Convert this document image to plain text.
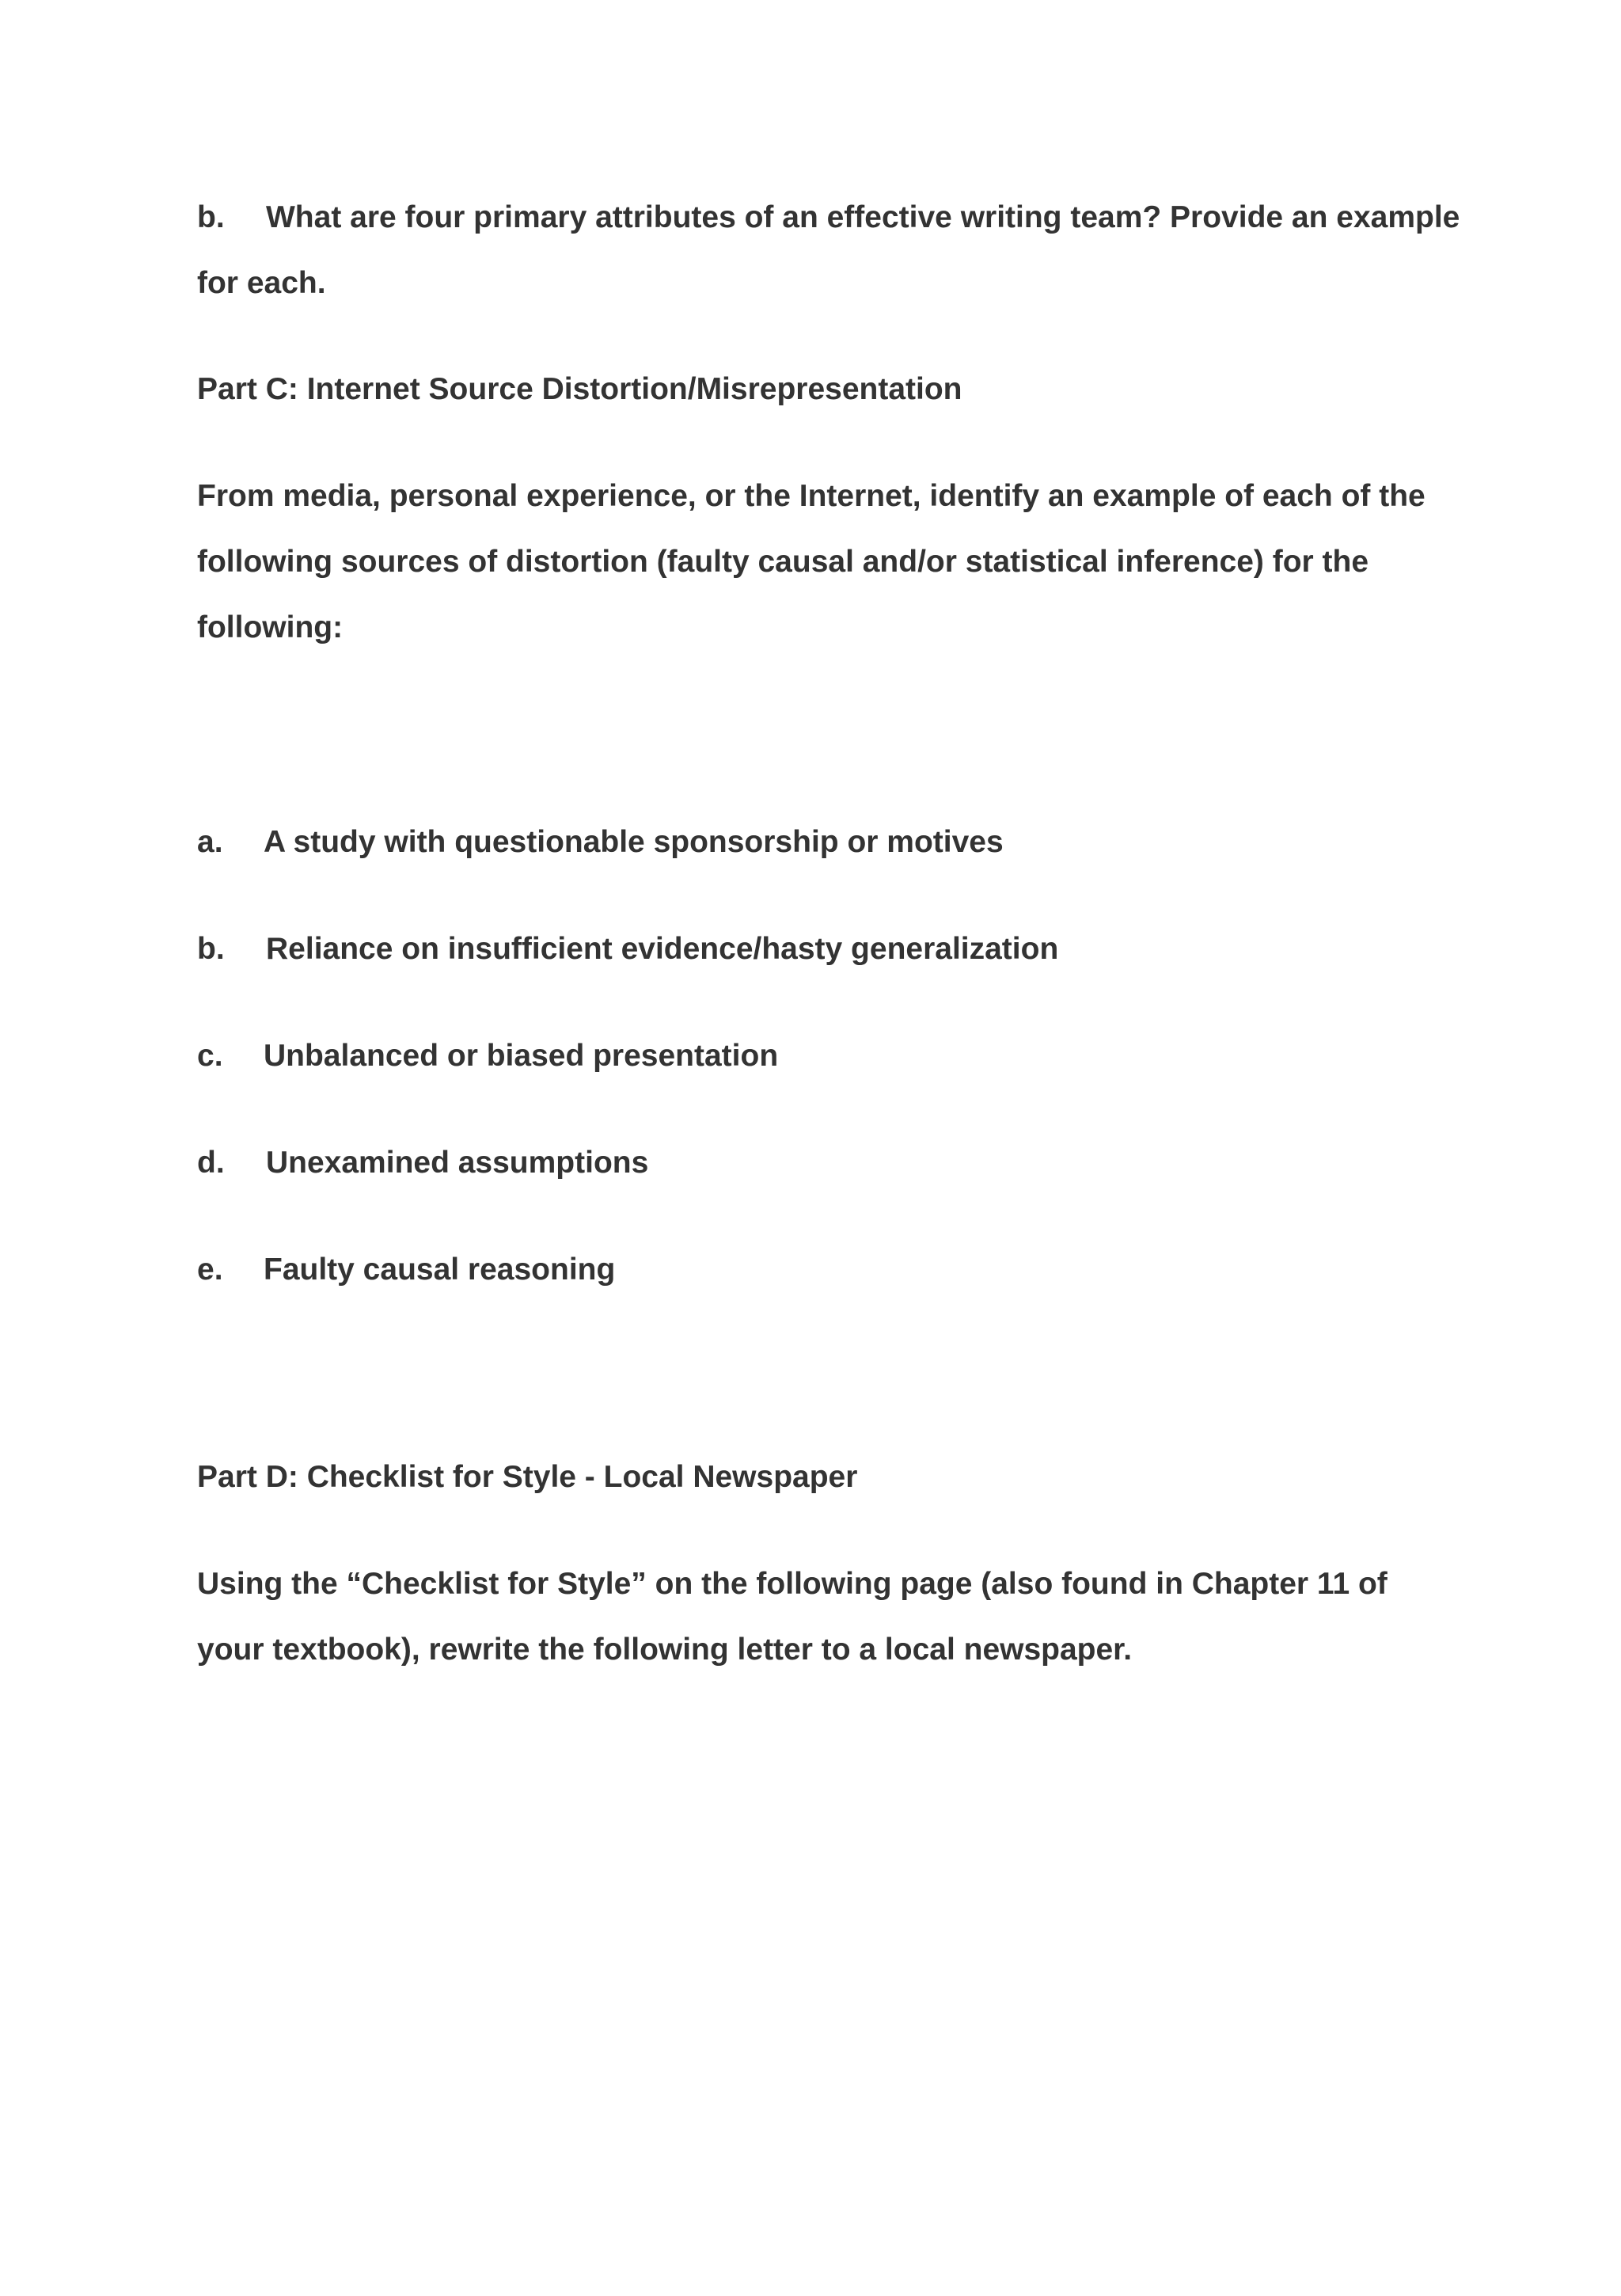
b. What are four primary attributes of an effective writing team? Provide an example
for each.
Part C: Internet Source Distortion/Misrepresentation
From media, personal experience, or the Internet, identify an example of each of the
following sources of distortion (faulty causal and/or statistical inference) for the
following:
a. A study with questionable sponsorship or motives
b. Reliance on insufficient evidence/hasty generalization
c. Unbalanced or biased presentation
d. Unexamined assumptions
e. Faulty causal reasoning
Part D: Checklist for Style - Local Newspaper
Using the “Checklist for Style” on the following page (also found in Chapter 11 of
your textbook), rewrite the following letter to a local newspaper.
